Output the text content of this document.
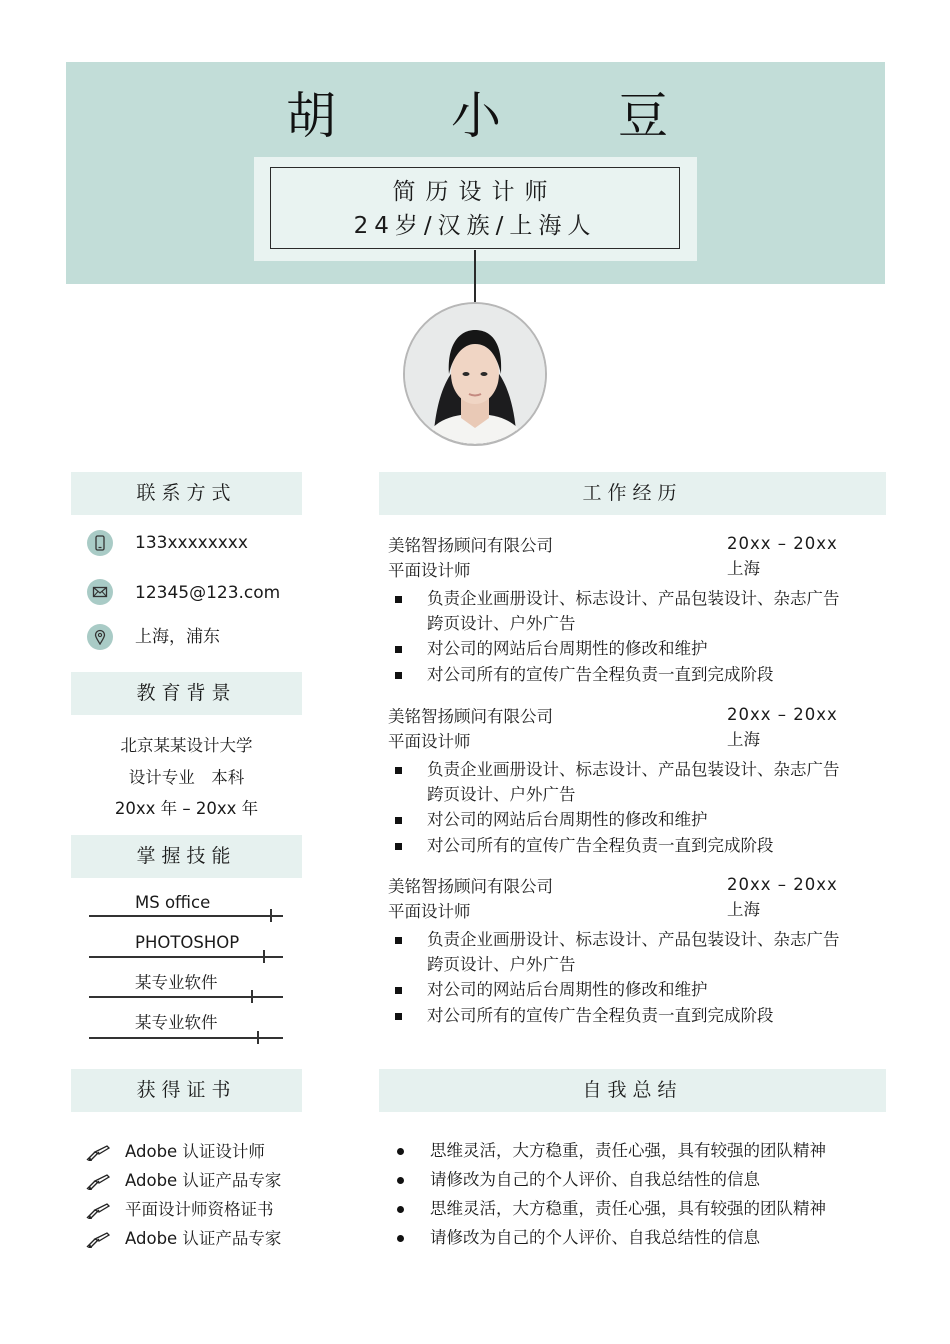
胡 小 豆
简历设计师
24岁/汉族/上海人
联系方式
133xxxxxxxx
12345@123.com
上海，浦东
教育背景
北京某某设计大学
设计专业　本科
20xx 年 – 20xx 年
掌握技能
MS office
PHOTOSHOP
某专业软件
某专业软件
获得证书
Adobe 认证设计师
Adobe 认证产品专家
平面设计师资格证书
Adobe 认证产品专家
工作经历
美铭智扬顾问有限公司	20xx – 20xx
平面设计师	上海
负责企业画册设计、标志设计、产品包装设计、杂志广告跨页设计、户外广告
对公司的网站后台周期性的修改和维护
对公司所有的宣传广告全程负责一直到完成阶段
美铭智扬顾问有限公司	20xx – 20xx
平面设计师	上海
负责企业画册设计、标志设计、产品包装设计、杂志广告跨页设计、户外广告
对公司的网站后台周期性的修改和维护
对公司所有的宣传广告全程负责一直到完成阶段
美铭智扬顾问有限公司	20xx – 20xx
平面设计师	上海
负责企业画册设计、标志设计、产品包装设计、杂志广告跨页设计、户外广告
对公司的网站后台周期性的修改和维护
对公司所有的宣传广告全程负责一直到完成阶段
自我总结
思维灵活，大方稳重，责任心强，具有较强的团队精神
请修改为自己的个人评价、自我总结性的信息
思维灵活，大方稳重，责任心强，具有较强的团队精神
请修改为自己的个人评价、自我总结性的信息
